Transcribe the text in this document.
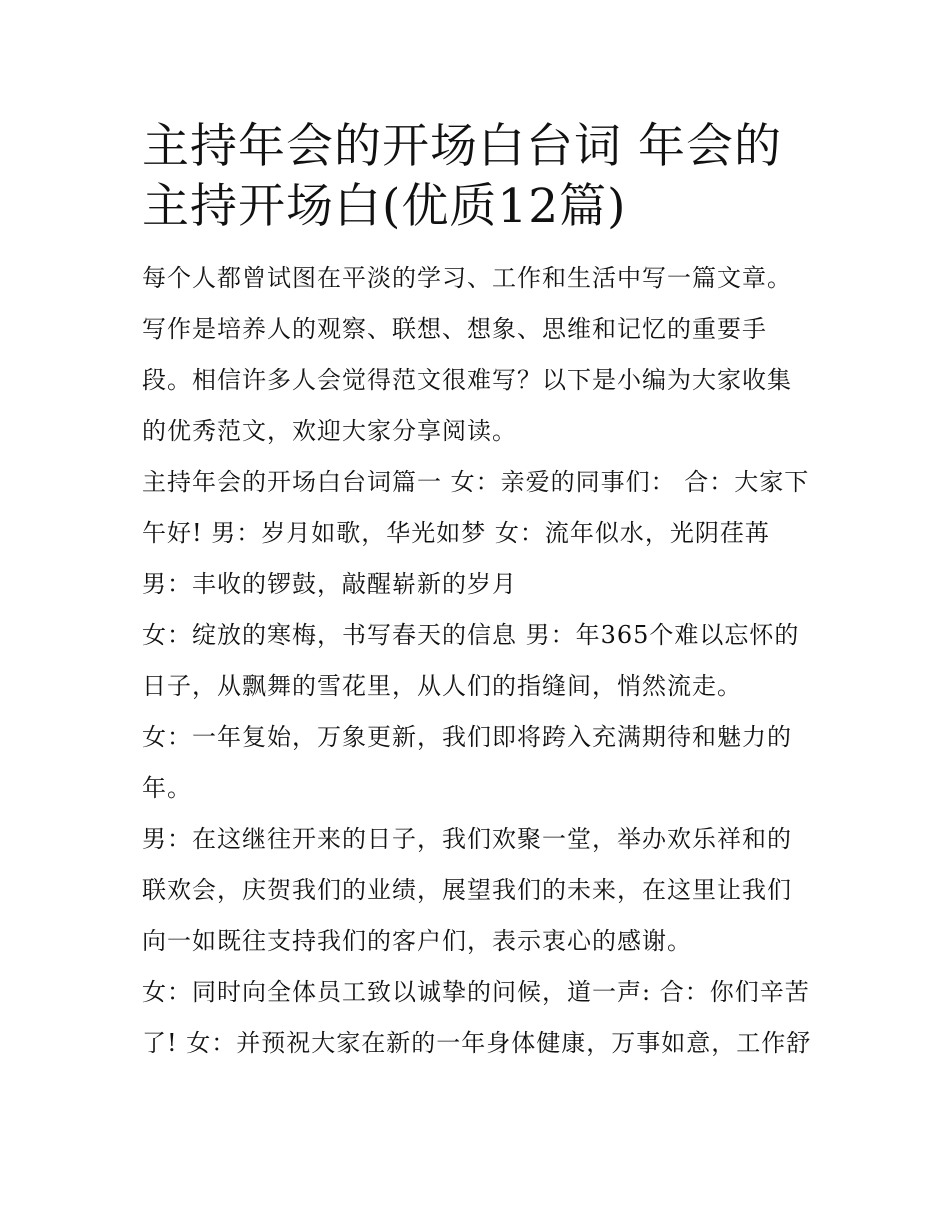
主持年会的开场白台词 年会的主持开场白(优质12篇)

每个人都曾试图在平淡的学习、工作和生活中写一篇文章。写作是培养人的观察、联想、想象、思维和记忆的重要手段。相信许多人会觉得范文很难写？以下是小编为大家收集的优秀范文，欢迎大家分享阅读。

主持年会的开场白台词篇一 女：亲爱的同事们： 合：大家下午好! 男：岁月如歌，华光如梦 女：流年似水，光阴荏苒

男：丰收的锣鼓，敲醒崭新的岁月

女：绽放的寒梅，书写春天的信息 男：年365个难以忘怀的日子，从飘舞的雪花里，从人们的指缝间，悄然流走。

女：一年复始，万象更新，我们即将跨入充满期待和魅力的年。

男：在这继往开来的日子，我们欢聚一堂，举办欢乐祥和的联欢会，庆贺我们的业绩，展望我们的未来，在这里让我们向一如既往支持我们的客户们，表示衷心的感谢。

女：同时向全体员工致以诚挚的问候，道一声: 合：你们辛苦了! 女：并预祝大家在新的一年身体健康，万事如意，工作舒
